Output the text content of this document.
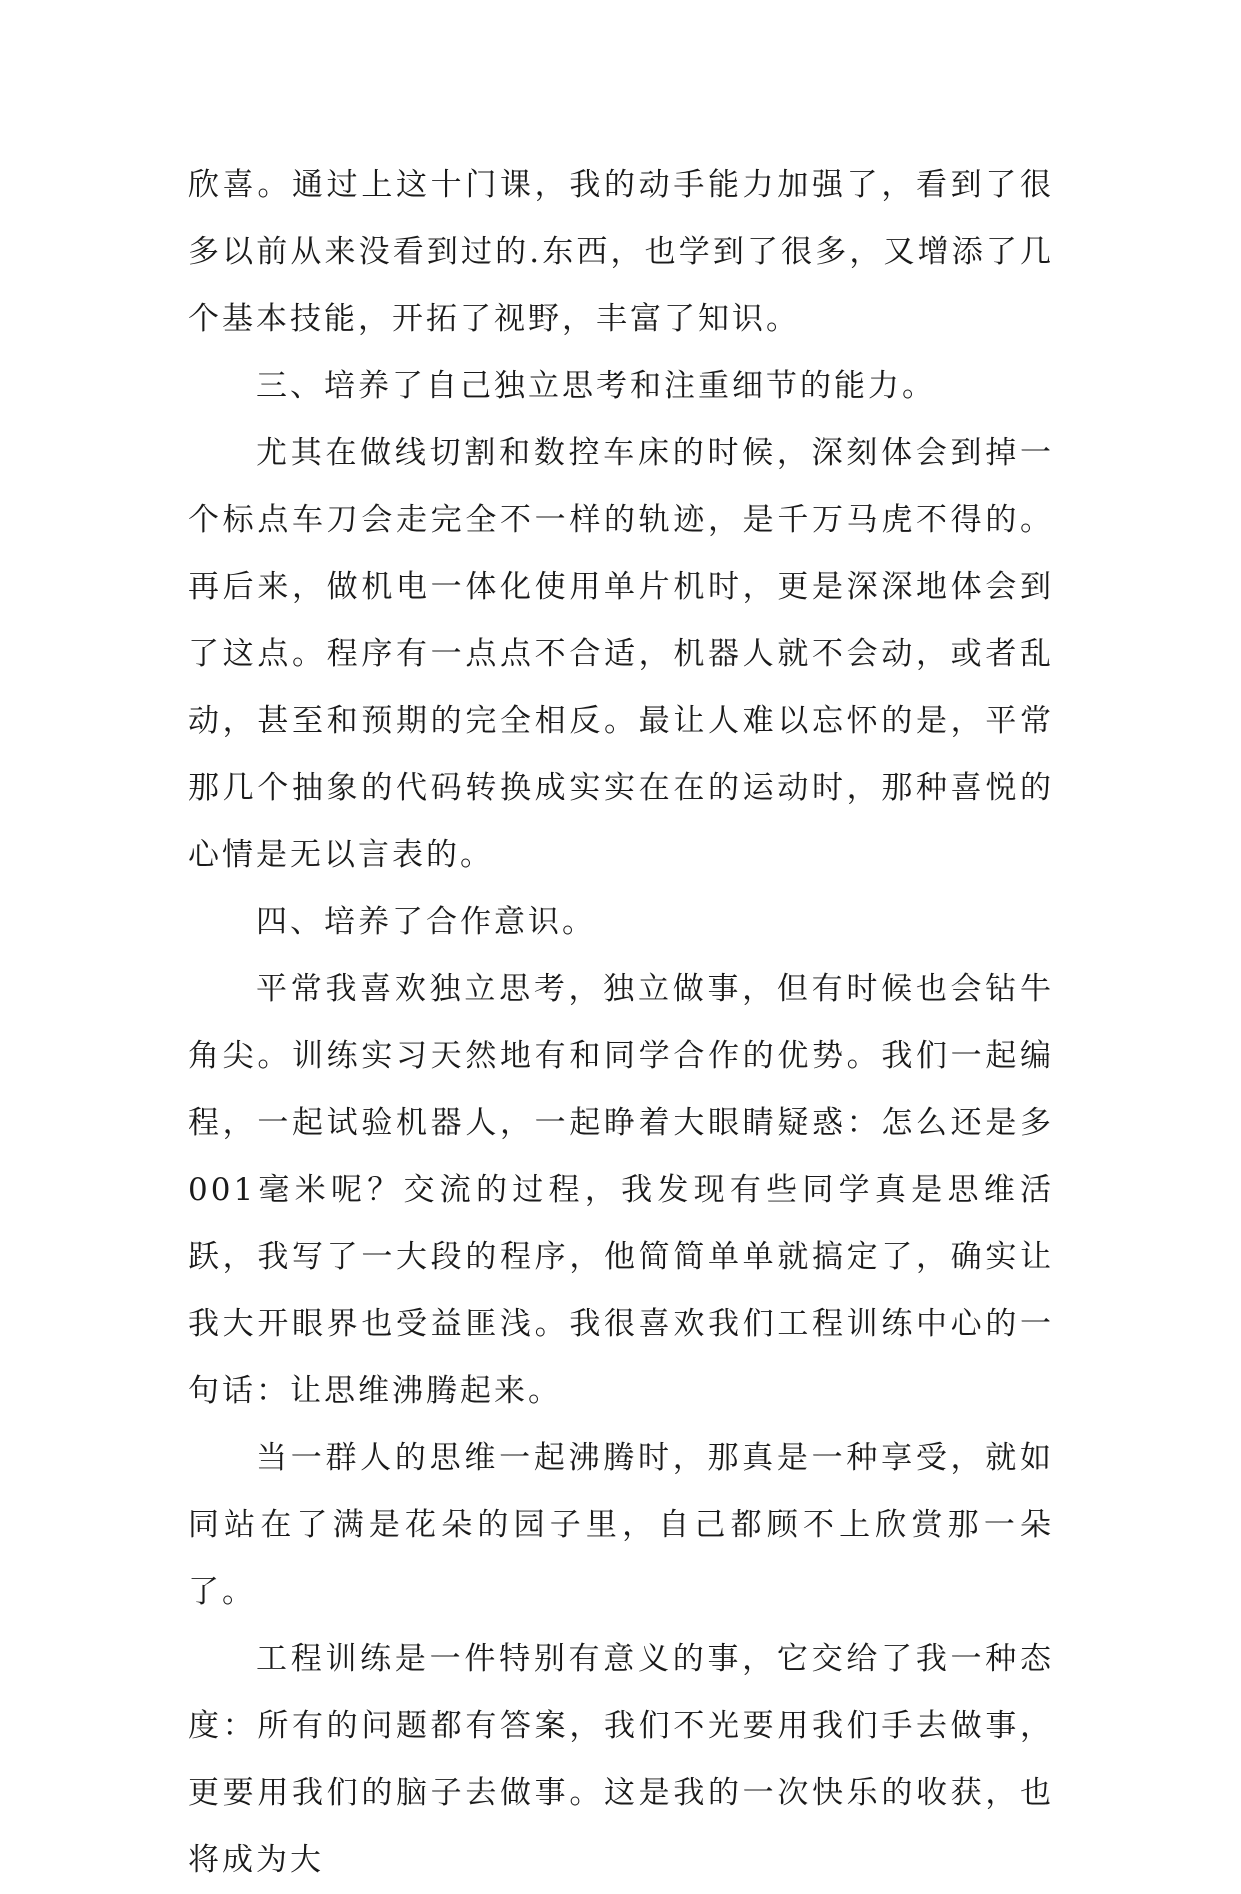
欣喜。通过上这十门课，我的动手能力加强了，看到了很多以前从来没看到过的.东西，也学到了很多，又增添了几个基本技能，开拓了视野，丰富了知识。

三、培养了自己独立思考和注重细节的能力。

尤其在做线切割和数控车床的时候，深刻体会到掉一个标点车刀会走完全不一样的轨迹，是千万马虎不得的。再后来，做机电一体化使用单片机时，更是深深地体会到了这点。程序有一点点不合适，机器人就不会动，或者乱动，甚至和预期的完全相反。最让人难以忘怀的是，平常那几个抽象的代码转换成实实在在的运动时，那种喜悦的心情是无以言表的。

四、培养了合作意识。

平常我喜欢独立思考，独立做事，但有时候也会钻牛角尖。训练实习天然地有和同学合作的优势。我们一起编程，一起试验机器人，一起睁着大眼睛疑惑：怎么还是多001毫米呢？交流的过程，我发现有些同学真是思维活跃，我写了一大段的程序，他简简单单就搞定了，确实让我大开眼界也受益匪浅。我很喜欢我们工程训练中心的一句话：让思维沸腾起来。

当一群人的思维一起沸腾时，那真是一种享受，就如同站在了满是花朵的园子里，自己都顾不上欣赏那一朵了。

工程训练是一件特别有意义的事，它交给了我一种态度：所有的问题都有答案，我们不光要用我们手去做事，更要用我们的脑子去做事。这是我的一次快乐的收获，也将成为大
